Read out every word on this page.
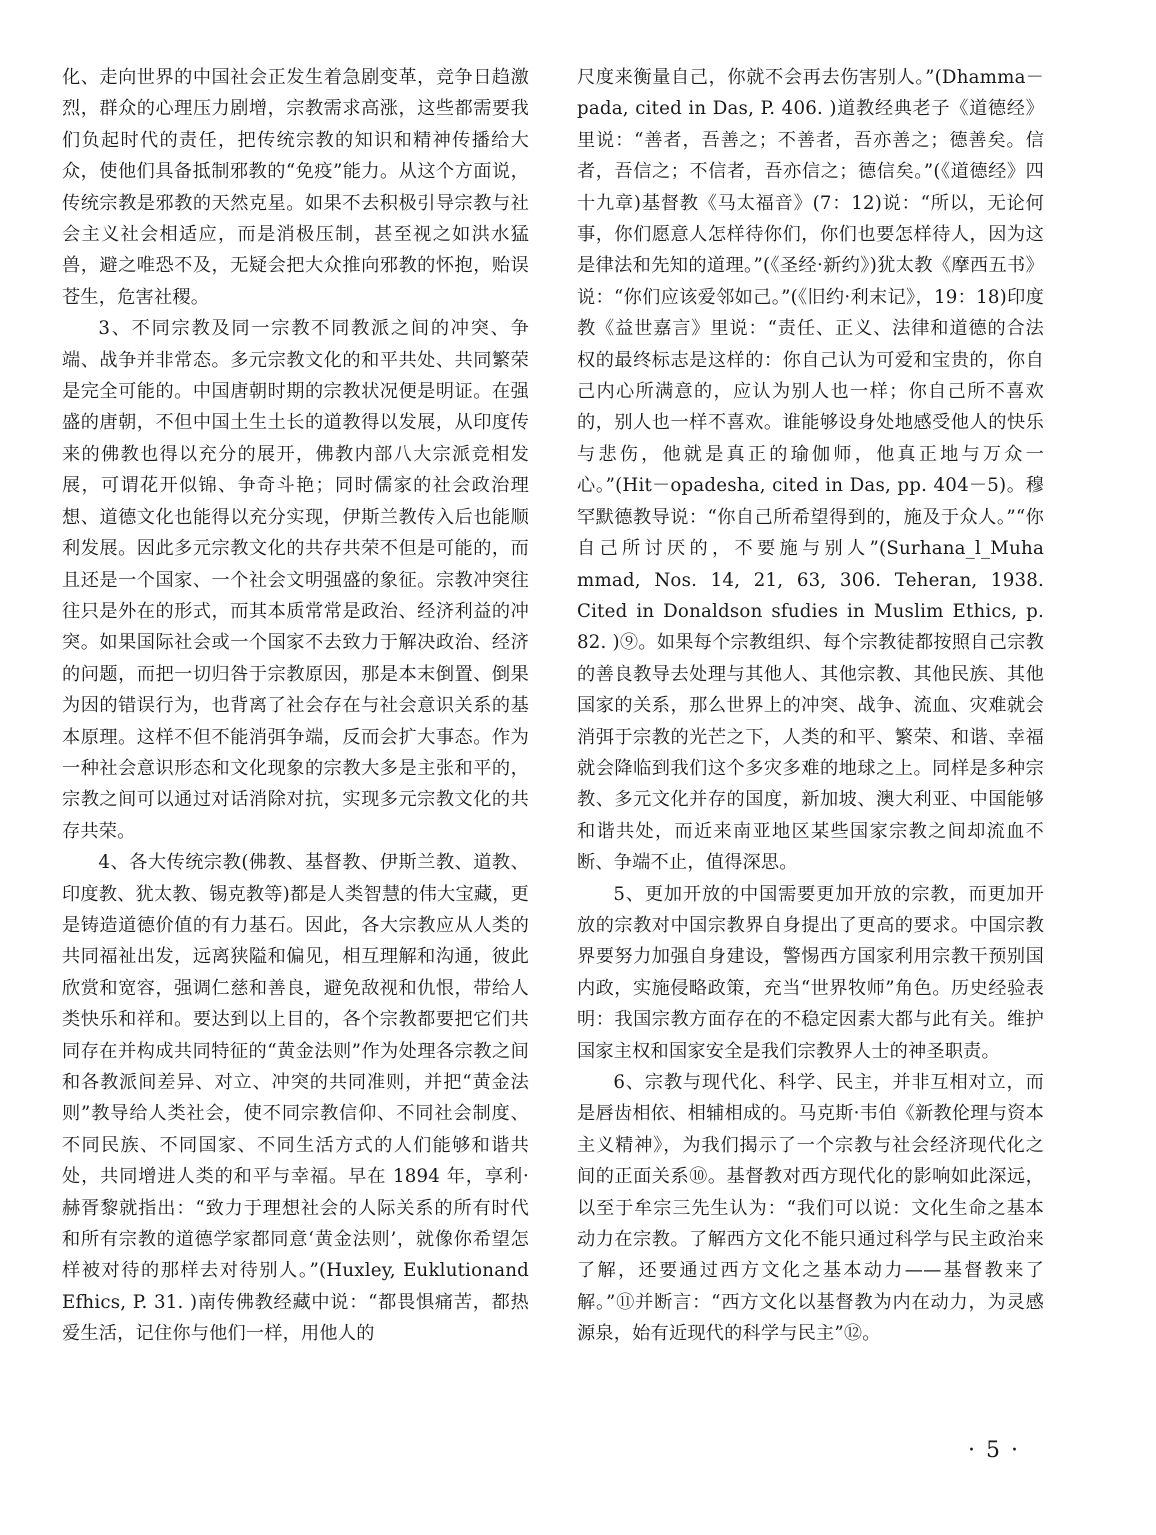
化、走向世界的中国社会正发生着急剧变革，竞争日趋激烈，群众的心理压力剧增，宗教需求高涨，这些都需要我们负起时代的责任，把传统宗教的知识和精神传播给大众，使他们具备抵制邪教的“免疫”能力。从这个方面说，传统宗教是邪教的天然克星。如果不去积极引导宗教与社会主义社会相适应，而是消极压制，甚至视之如洪水猛兽，避之唯恐不及，无疑会把大众推向邪教的怀抱，贻误苍生，危害社稷。

3、不同宗教及同一宗教不同教派之间的冲突、争端、战争并非常态。多元宗教文化的和平共处、共同繁荣是完全可能的。中国唐朝时期的宗教状况便是明证。在强盛的唐朝，不但中国土生土长的道教得以发展，从印度传来的佛教也得以充分的展开，佛教内部八大宗派竞相发展，可谓花开似锦、争奇斗艳；同时儒家的社会政治理想、道德文化也能得以充分实现，伊斯兰教传入后也能顺利发展。因此多元宗教文化的共存共荣不但是可能的，而且还是一个国家、一个社会文明强盛的象征。宗教冲突往往只是外在的形式，而其本质常常是政治、经济利益的冲突。如果国际社会或一个国家不去致力于解决政治、经济的问题，而把一切归咎于宗教原因，那是本末倒置、倒果为因的错误行为，也背离了社会存在与社会意识关系的基本原理。这样不但不能消弭争端，反而会扩大事态。作为一种社会意识形态和文化现象的宗教大多是主张和平的，宗教之间可以通过对话消除对抗，实现多元宗教文化的共存共荣。

4、各大传统宗教(佛教、基督教、伊斯兰教、道教、印度教、犹太教、锡克教等)都是人类智慧的伟大宝藏，更是铸造道德价值的有力基石。因此，各大宗教应从人类的共同福祉出发，远离狭隘和偏见，相互理解和沟通，彼此欣赏和宽容，强调仁慈和善良，避免敌视和仇恨，带给人类快乐和祥和。要达到以上目的，各个宗教都要把它们共同存在并构成共同特征的“黄金法则”作为处理各宗教之间和各教派间差异、对立、冲突的共同准则，并把“黄金法则”教导给人类社会，使不同宗教信仰、不同社会制度、不同民族、不同国家、不同生活方式的人们能够和谐共处，共同增进人类的和平与幸福。早在 1894 年，享利·赫胥黎就指出：“致力于理想社会的人际关系的所有时代和所有宗教的道德学家都同意‘黄金法则’，就像你希望怎样被对待的那样去对待别人。”(Huxley, Euklutionand Efhics, P. 31. )南传佛教经藏中说：“都畏惧痛苦，都热爱生活，记住你与他们一样，用他人的

尺度来衡量自己，你就不会再去伤害别人。”(Dhamma－pada, cited in Das, P. 406. )道教经典老子《道德经》里说：“善者，吾善之；不善者，吾亦善之；德善矣。信者，吾信之；不信者，吾亦信之；德信矣。”(《道德经》四十九章)基督教《马太福音》(7：12)说：“所以，无论何事，你们愿意人怎样待你们，你们也要怎样待人，因为这是律法和先知的道理。”(《圣经·新约》)犹太教《摩西五书》说：“你们应该爱邻如己。”(《旧约·利末记》，19：18)印度教《益世嘉言》里说：“责任、正义、法律和道德的合法权的最终标志是这样的：你自己认为可爱和宝贵的，你自己内心所满意的，应认为别人也一样；你自己所不喜欢的，别人也一样不喜欢。谁能够设身处地感受他人的快乐与悲伤，他就是真正的瑜伽师，他真正地与万众一心。”(Hit－opadesha, cited in Das, pp. 404－5)。穆罕默德教导说：“你自己所希望得到的，施及于众人。”“你自己所讨厌的，不要施与别人”(Surhana_l_Muha mmad, Nos. 14, 21, 63, 306. Teheran, 1938. Cited in Donaldson sfudies in Muslim Ethics, p. 82. )⑨。如果每个宗教组织、每个宗教徒都按照自己宗教的善良教导去处理与其他人、其他宗教、其他民族、其他国家的关系，那么世界上的冲突、战争、流血、灾难就会消弭于宗教的光芒之下，人类的和平、繁荣、和谐、幸福就会降临到我们这个多灾多难的地球之上。同样是多种宗教、多元文化并存的国度，新加坡、澳大利亚、中国能够和谐共处，而近来南亚地区某些国家宗教之间却流血不断、争端不止，值得深思。

5、更加开放的中国需要更加开放的宗教，而更加开放的宗教对中国宗教界自身提出了更高的要求。中国宗教界要努力加强自身建设，警惕西方国家利用宗教干预别国内政，实施侵略政策，充当“世界牧师”角色。历史经验表明：我国宗教方面存在的不稳定因素大都与此有关。维护国家主权和国家安全是我们宗教界人士的神圣职责。

6、宗教与现代化、科学、民主，并非互相对立，而是唇齿相依、相辅相成的。马克斯·韦伯《新教伦理与资本主义精神》，为我们揭示了一个宗教与社会经济现代化之间的正面关系⑩。基督教对西方现代化的影响如此深远，以至于牟宗三先生认为：“我们可以说：文化生命之基本动力在宗教。了解西方文化不能只通过科学与民主政治来了解，还要通过西方文化之基本动力——基督教来了解。”⑪并断言：“西方文化以基督教为内在动力，为灵感源泉，始有近现代的科学与民主”⑫。

· 5 ·
